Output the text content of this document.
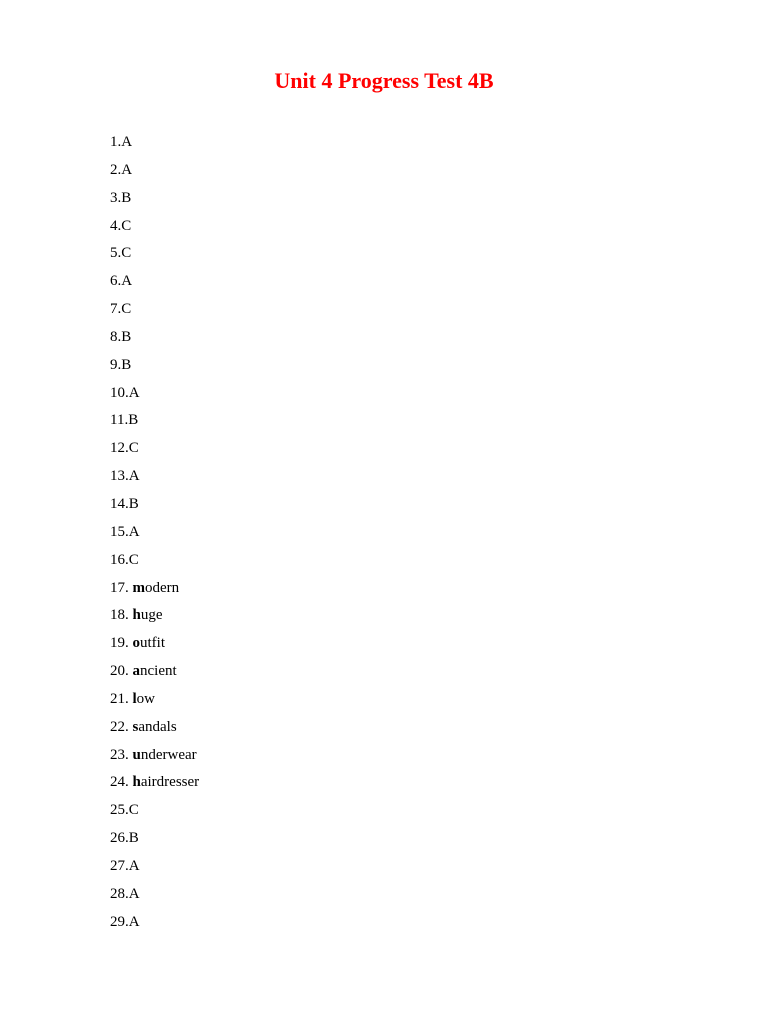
Unit 4 Progress Test 4B
1.A
2.A
3.B
4.C
5.C
6.A
7.C
8.B
9.B
10.A
11.B
12.C
13.A
14.B
15.A
16.C
17. modern
18. huge
19. outfit
20. ancient
21. low
22. sandals
23. underwear
24. hairdresser
25.C
26.B
27.A
28.A
29.A
